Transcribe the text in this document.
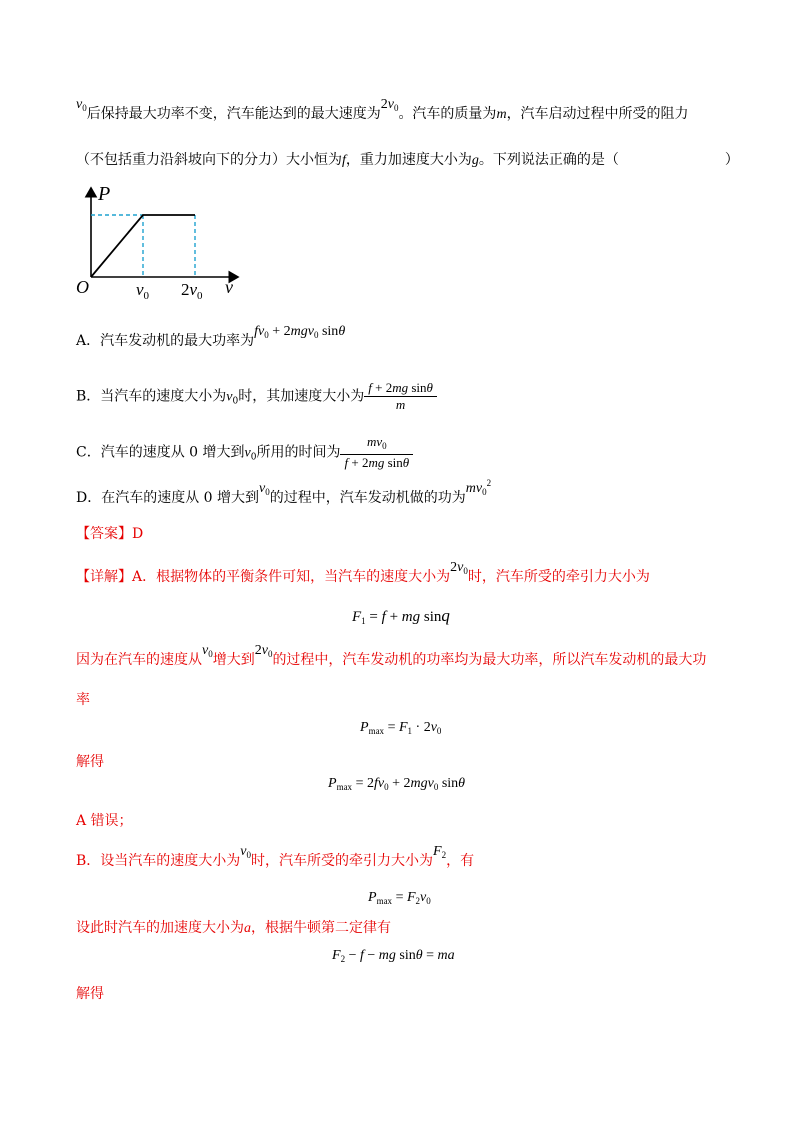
$v_0$后保持最大功率不变，汽车能达到的最大速度为$2v_0$。汽车的质量为m，汽车启动过程中所受的阻力
（不包括重力沿斜坡向下的分力）大小恒为f，重力加速度大小为g。下列说法正确的是（	）
P
v
O	$v_0$ $2v_0$
A．汽车发动机的最大功率为$fv_0 + 2mgv_0$ sinθ
B．当汽车的速度大小为$v_0$时，其加速度大小为 $\frac{\text{f + 2mg sinθ}}{m}$
C．汽车的速度从 0 增大到$v_0$所用的时间为 $\frac{mv_0}{\text{f + 2mg sinθ}}$
D．在汽车的速度从 0 增大到$v_0$的过程中，汽车发动机做的功为$mv_0^2$
【答案】D
【详解】A．根据物体的平衡条件可知，当汽车的速度大小为$2v_0$时，汽车所受的牵引力大小为
$F_1 = f$ + mg sinq
因为在汽车的速度从$v_0$增大到$2v_0$的过程中，汽车发动机的功率均为最大功率，所以汽车发动机的最大功
率
$P_{max} = F_1 \cdot 2v_0$
解得
$P_{max} = 2fv_0 + 2mgv_0$ sinθ
A 错误；
B．设当汽车的速度大小为$v_0$时，汽车所受的牵引力大小为$F_2$，有
$P_{max} = F_2v_0$
设此时汽车的加速度大小为a，根据牛顿第二定律有
$F_2 - f$ − mg sinθ = ma
解得
